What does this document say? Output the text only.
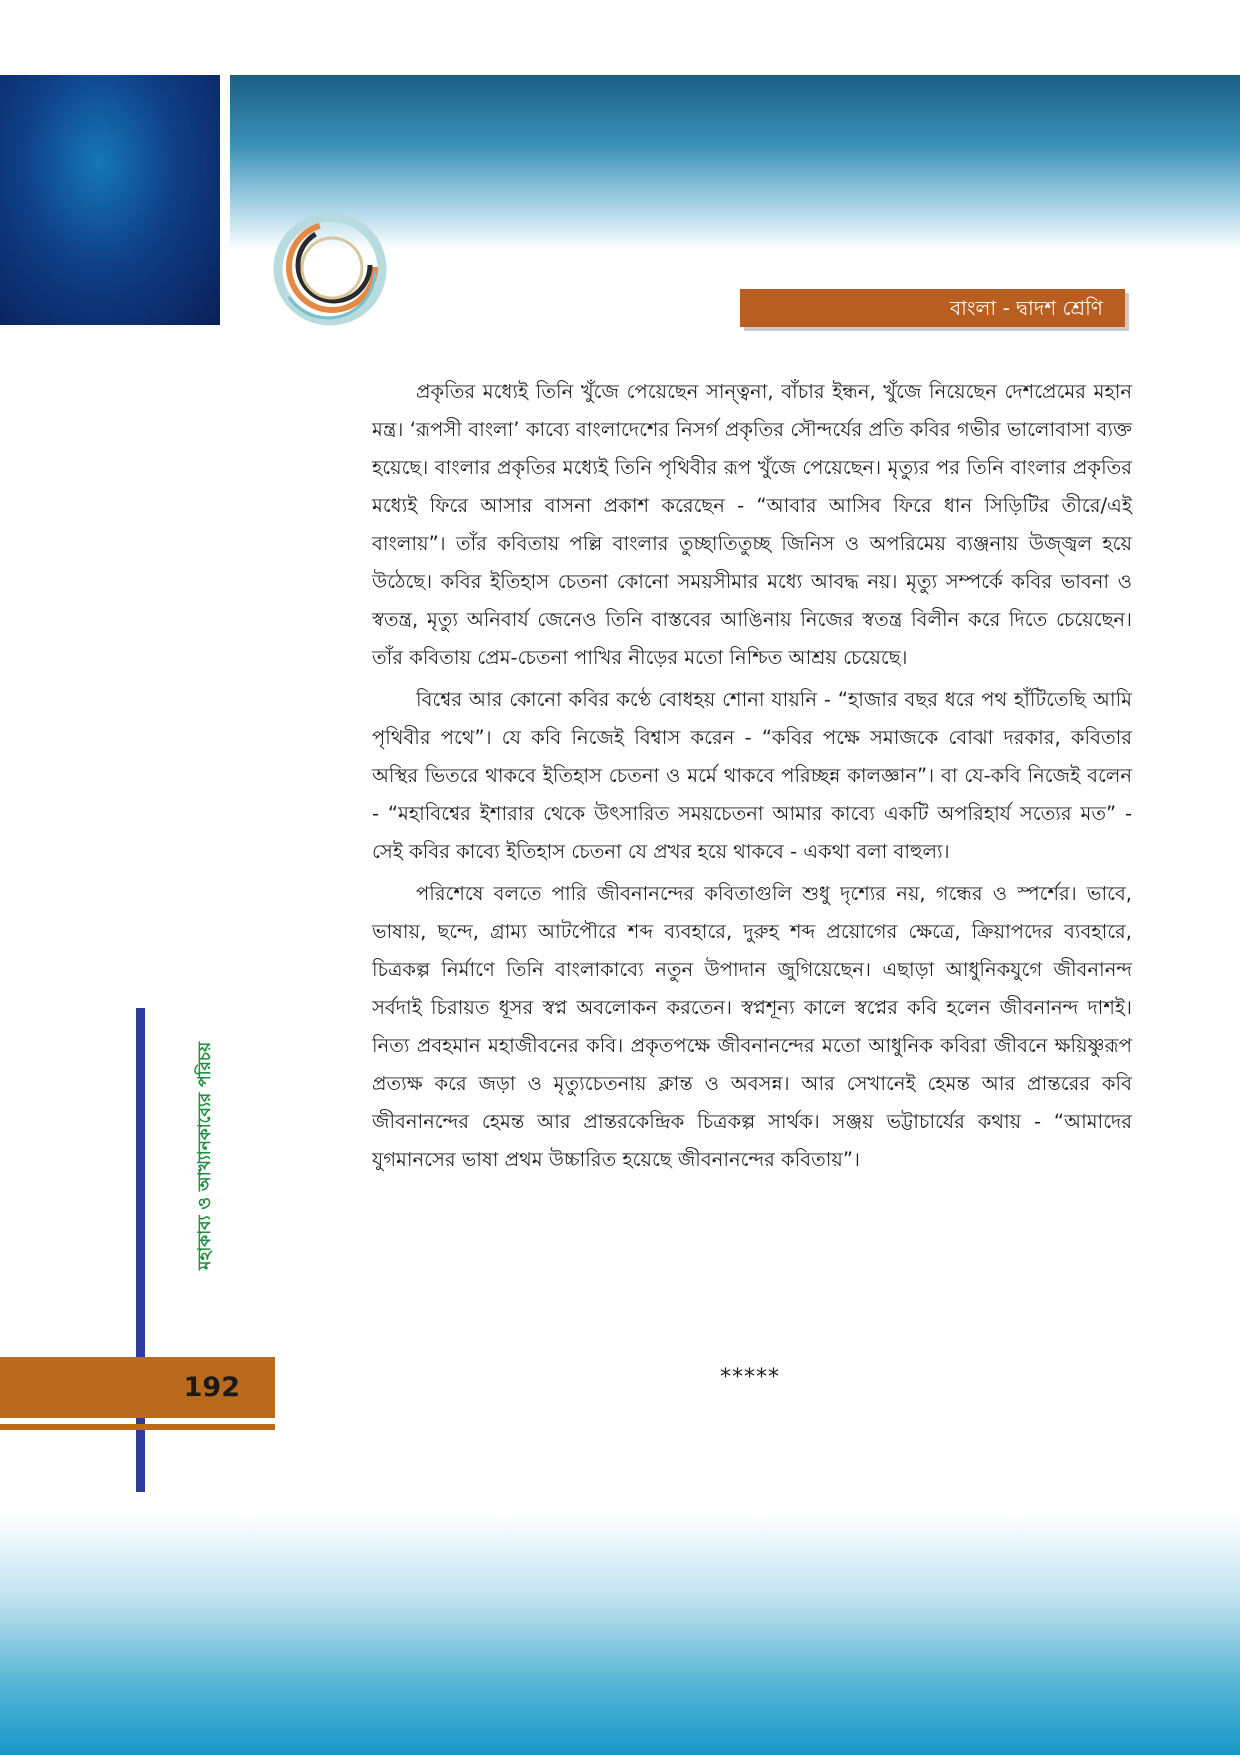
বাংলা - দ্বাদশ শ্রেণি

প্রকৃতির মধ্যেই তিনি খুঁজে পেয়েছেন সান্ত্বনা, বাঁচার ইন্ধন, খুঁজে নিয়েছেন দেশপ্রেমের মহান মন্ত্র। ‘রূপসী বাংলা’ কাব্যে বাংলাদেশের নিসর্গ প্রকৃতির সৌন্দর্যের প্রতি কবির গভীর ভালোবাসা ব্যক্ত হয়েছে। বাংলার প্রকৃতির মধ্যেই তিনি পৃথিবীর রূপ খুঁজে পেয়েছেন। মৃত্যুর পর তিনি বাংলার প্রকৃতির মধ্যেই ফিরে আসার বাসনা প্রকাশ করেছেন - “আবার আসিব ফিরে ধান সিড়িটির তীরে/এই বাংলায়”। তাঁর কবিতায় পল্লি বাংলার তুচ্ছাতিতুচ্ছ জিনিস ও অপরিমেয় ব্যঞ্জনায় উজ্জ্বল হয়ে উঠেছে। কবির ইতিহাস চেতনা কোনো সময়সীমার মধ্যে আবদ্ধ নয়। মৃত্যু সম্পর্কে কবির ভাবনা ও স্বতন্ত্র, মৃত্যু অনিবার্য জেনেও তিনি বাস্তবের আঙিনায় নিজের স্বতন্ত্র বিলীন করে দিতে চেয়েছেন। তাঁর কবিতায় প্রেম-চেতনা পাখির নীড়ের মতো নিশ্চিত আশ্রয় চেয়েছে।

বিশ্বের আর কোনো কবির কণ্ঠে বোধহয় শোনা যায়নি - “হাজার বছর ধরে পথ হাঁটিতেছি আমি পৃথিবীর পথে”। যে কবি নিজেই বিশ্বাস করেন - “কবির পক্ষে সমাজকে বোঝা দরকার, কবিতার অস্থির ভিতরে থাকবে ইতিহাস চেতনা ও মর্মে থাকবে পরিচ্ছন্ন কালজ্ঞান”। বা যে-কবি নিজেই বলেন - “মহাবিশ্বের ইশারার থেকে উৎসারিত সময়চেতনা আমার কাব্যে একটি অপরিহার্য সত্যের মত” - সেই কবির কাব্যে ইতিহাস চেতনা যে প্রখর হয়ে থাকবে - একথা বলা বাহুল্য।

পরিশেষে বলতে পারি জীবনানন্দের কবিতাগুলি শুধু দৃশ্যের নয়, গন্ধের ও স্পর্শের। ভাবে, ভাষায়, ছন্দে, গ্রাম্য আটপৌরে শব্দ ব্যবহারে, দুরুহ শব্দ প্রয়োগের ক্ষেত্রে, ক্রিয়াপদের ব্যবহারে, চিত্রকল্প নির্মাণে তিনি বাংলাকাব্যে নতুন উপাদান জুগিয়েছেন। এছাড়া আধুনিকযুগে জীবনানন্দ সর্বদাই চিরায়ত ধূসর স্বপ্ন অবলোকন করতেন। স্বপ্নশূন্য কালে স্বপ্নের কবি হলেন জীবনানন্দ দাশই। নিত্য প্রবহমান মহাজীবনের কবি। প্রকৃতপক্ষে জীবনানন্দের মতো আধুনিক কবিরা জীবনে ক্ষয়িষ্ণুরূপ প্রত্যক্ষ করে জড়া ও মৃত্যুচেতনায় ক্লান্ত ও অবসন্ন। আর সেখানেই হেমন্ত আর প্রান্তরের কবি জীবনানন্দের হেমন্ত আর প্রান্তরকেন্দ্রিক চিত্রকল্প সার্থক। সঞ্জয় ভট্টাচার্যের কথায় - “আমাদের যুগমানসের ভাষা প্রথম উচ্চারিত হয়েছে জীবনানন্দের কবিতায়”।

*****
মহাকাব্য ও আখ্যানকাব্যের পরিচয়
192
